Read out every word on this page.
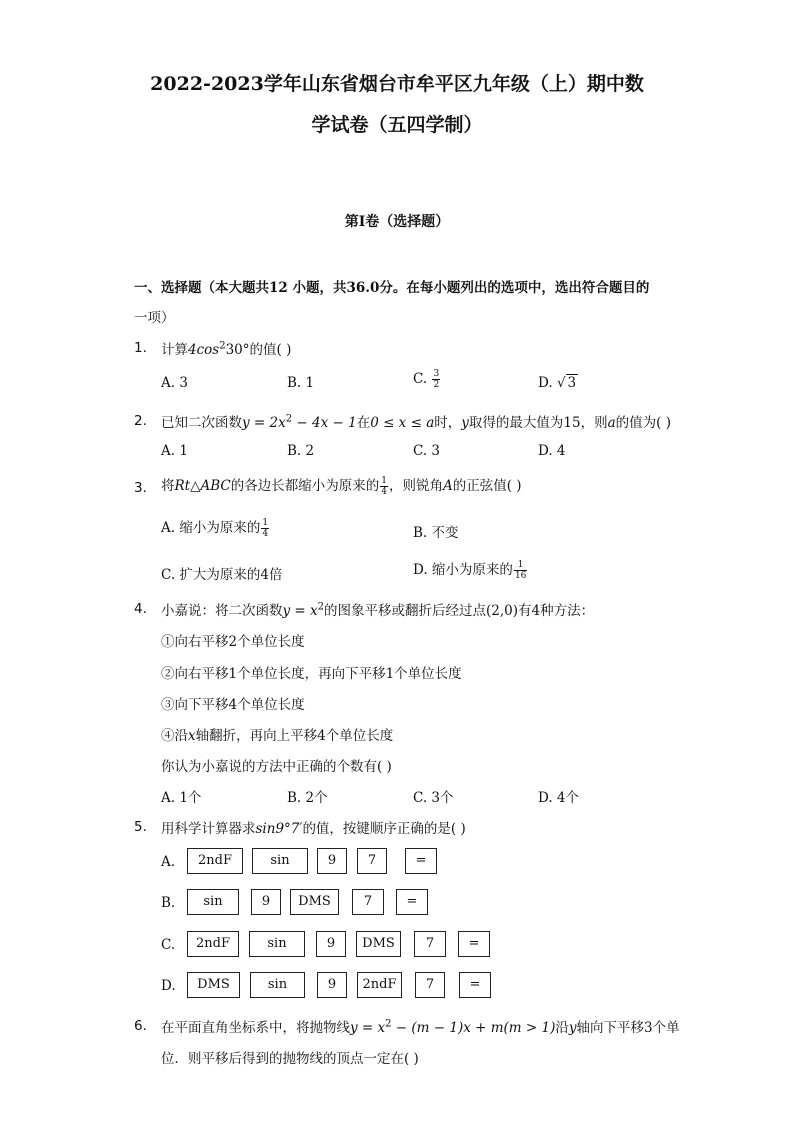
2022-2023学年山东省烟台市牟平区九年级（上）期中数
学试卷（五四学制）
第I卷（选择题）
一、选择题（本大题共12 小题，共36.0分。在每小题列出的选项中，选出符合题目的
一项）
1. 计算$4\cos^230^\circ$的值( )
A. 3	B. 1	C. $\frac{3}{2}$	D. √ 3
2. 已知二次函数$y = 2x^2 - 4x - 1$在0 ≤ x ≤ a时，y取得的最大值为15，则a的值为( )
A. 1	B. 2	C. 3	D. 4
3. 将Rt△ABC的各边长都缩小为原来的 $\frac{1}{4}$ ，则锐角A的正弦值( )
A. 缩小为原来的 $\frac{1}{4}$	B. 不变
C. 扩大为原来的4倍	D. 缩小为原来的 $\frac{1}{16}$
4. 小嘉说：将二次函数$y = x^2$的图象平移或翻折后经过点(2,0)有4种方法：
①向右平移2个单位长度
②向右平移1个单位长度，再向下平移1个单位长度
③向下平移4个单位长度
④沿x轴翻折，再向上平移4个单位长度
你认为小嘉说的方法中正确的个数有( )
A. 1个	B. 2个	C. 3个	D. 4个
5. 用科学计算器求sin9°7′的值，按键顺序正确的是( )
A.	2ndF	sin	9	7	=
B.	sin	9	DMS	7	=
C.	2ndF	sin	9	DMS	7	=
D.	DMS	sin	9	2ndF	7	=
6. 在平面直角坐标系中，将抛物线$y = x^2 - (m - 1)x + m(m > 1)$沿y轴向下平移3个单
位．则平移后得到的抛物线的顶点一定在( )
